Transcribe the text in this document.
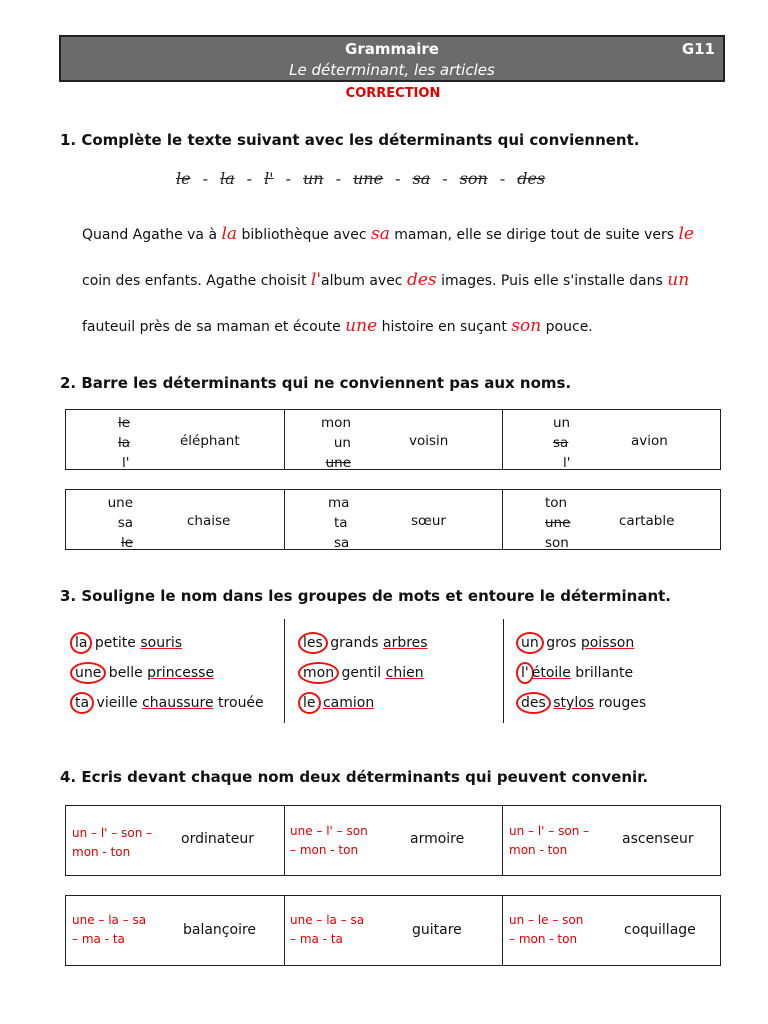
Grammaire
Le déterminant, les articles
G11
CORRECTION
1. Complète le texte suivant avec les déterminants qui conviennent.
le - la - l' - un - une - sa - son - des
Quand Agathe va à la bibliothèque avec sa maman, elle se dirige tout de suite vers le
coin des enfants. Agathe choisit l'album avec des images. Puis elle s'installe dans un
fauteuil près de sa maman et écoute une histoire en suçant son pouce.
2. Barre les déterminants qui ne conviennent pas aux noms.
le
la
l'
éléphant
mon
un
une
voisin
un
sa
l'
avion
une
sa
le
chaise
ma
ta
sa
sœur
ton
une
son
cartable
3. Souligne le nom dans les groupes de mots et entoure le déterminant.
la petite souris
une belle princesse
ta vieille chaussure trouée
les grands arbres
mon gentil chien
le camion
un gros poisson
l' étoile brillante
des stylos rouges
4. Ecris devant chaque nom deux déterminants qui peuvent convenir.
un – l' – son –
mon - ton
ordinateur	une – l' – son
– mon - ton
armoire	un – l' – son –
mon - ton
ascenseur
une – la – sa
– ma - ta
balançoire
une – la – sa
– ma - ta
guitare
un – le – son
– mon - ton
coquillage
